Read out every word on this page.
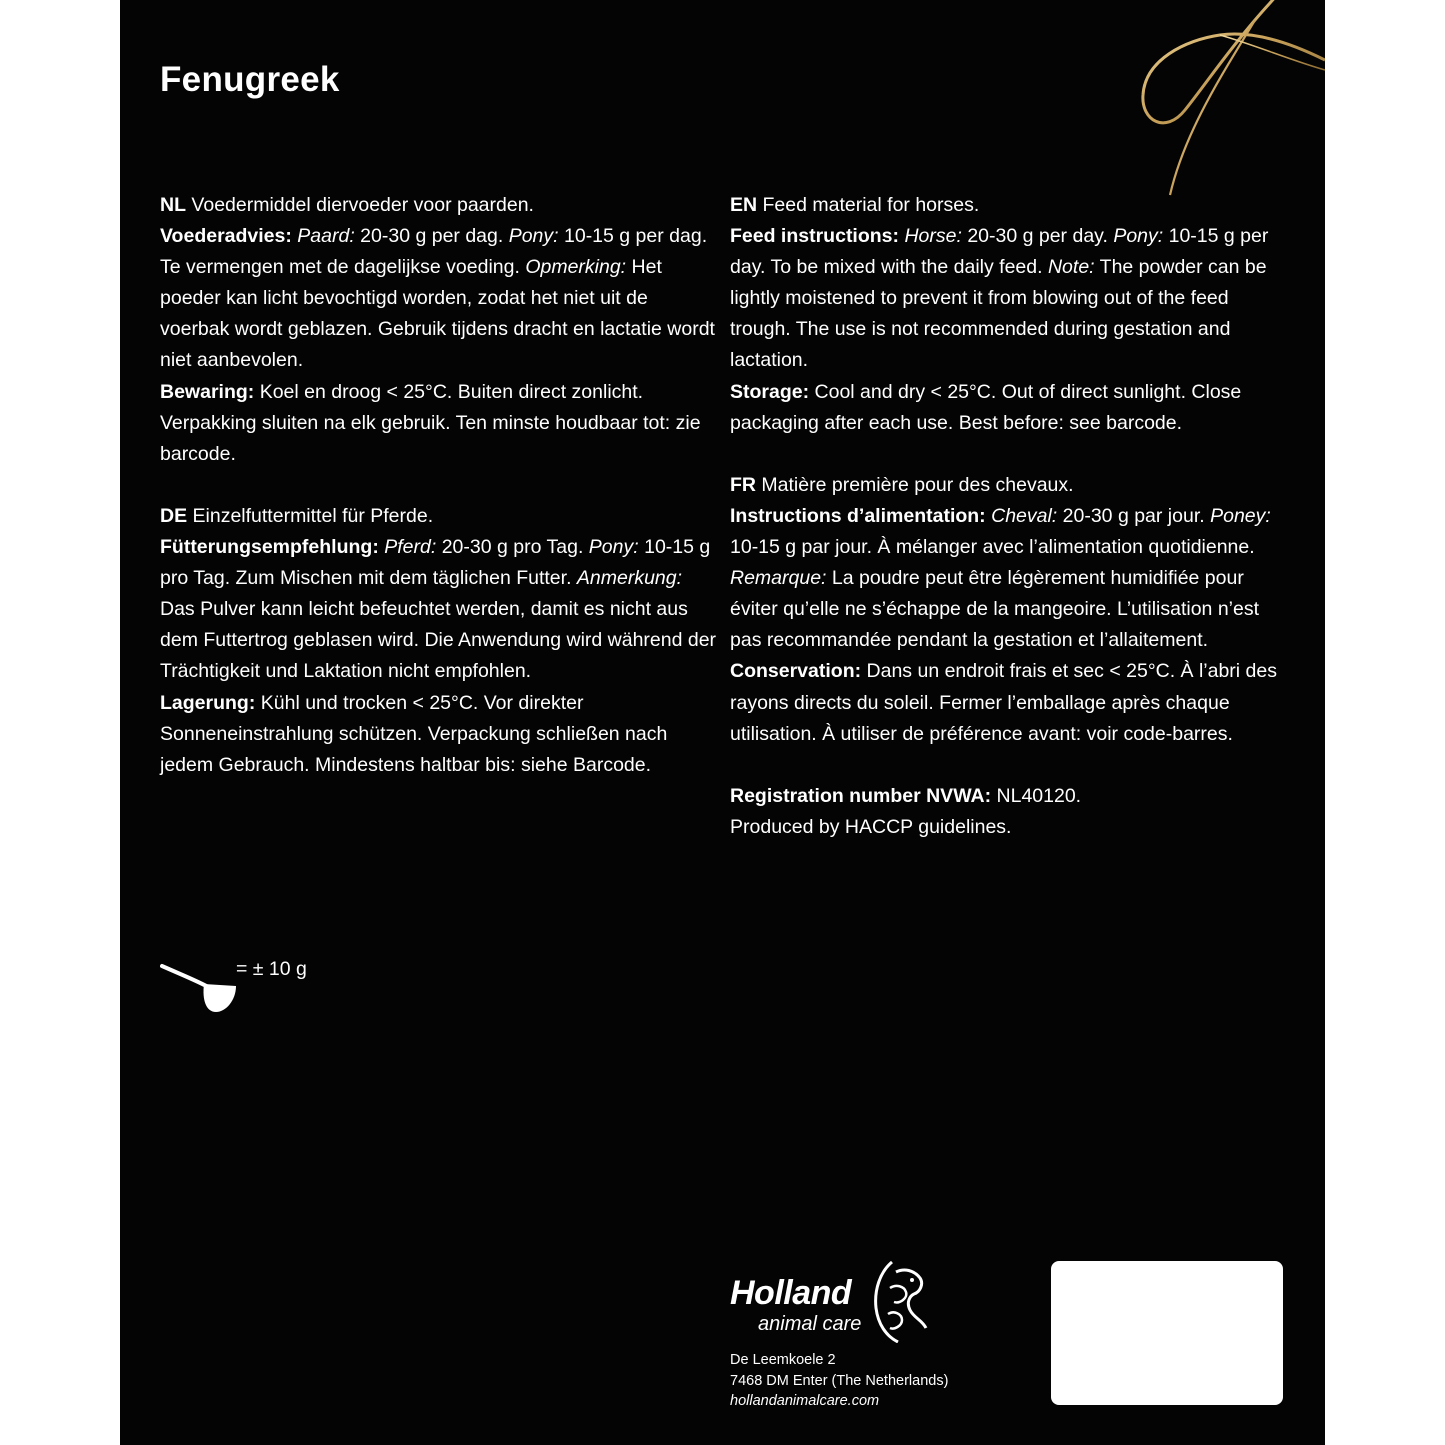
Fenugreek

NL Voedermiddel diervoeder voor paarden.
Voederadvies: Paard: 20-30 g per dag. Pony: 10-15 g per dag. Te vermengen met de dagelijkse voeding. Opmerking: Het poeder kan licht bevochtigd worden, zodat het niet uit de voerbak wordt geblazen. Gebruik tijdens dracht en lactatie wordt niet aanbevolen.
Bewaring: Koel en droog < 25°C. Buiten direct zonlicht. Verpakking sluiten na elk gebruik. Ten minste houdbaar tot: zie barcode.

DE Einzelfuttermittel für Pferde.
Fütterungsempfehlung: Pferd: 20-30 g pro Tag. Pony: 10-15 g pro Tag. Zum Mischen mit dem täglichen Futter. Anmerkung: Das Pulver kann leicht befeuchtet werden, damit es nicht aus dem Futtertrog geblasen wird. Die Anwendung wird während der Trächtigkeit und Laktation nicht empfohlen.
Lagerung: Kühl und trocken < 25°C. Vor direkter Sonneneinstrahlung schützen. Verpackung schließen nach jedem Gebrauch. Mindestens haltbar bis: siehe Barcode.

EN Feed material for horses.
Feed instructions: Horse: 20-30 g per day. Pony: 10-15 g per day. To be mixed with the daily feed. Note: The powder can be lightly moistened to prevent it from blowing out of the feed trough. The use is not recommended during gestation and lactation.
Storage: Cool and dry < 25°C. Out of direct sunlight. Close packaging after each use. Best before: see barcode.

FR Matière première pour des chevaux.
Instructions d’alimentation: Cheval: 20-30 g par jour. Poney: 10-15 g par jour. À mélanger avec l’alimentation quotidienne. Remarque: La poudre peut être légèrement humidifiée pour éviter qu’elle ne s’échappe de la mangeoire. L’utilisation n’est pas recommandée pendant la gestation et l’allaitement.
Conservation: Dans un endroit frais et sec < 25°C. À l’abri des rayons directs du soleil. Fermer l’emballage après chaque utilisation. À utiliser de préférence avant: voir code-barres.

Registration number NVWA: NL40120.
Produced by HACCP guidelines.

= ± 10 g
Holland
animal care
De Leemkoele 2
7468 DM Enter (The Netherlands)
hollandanimalcare.com
